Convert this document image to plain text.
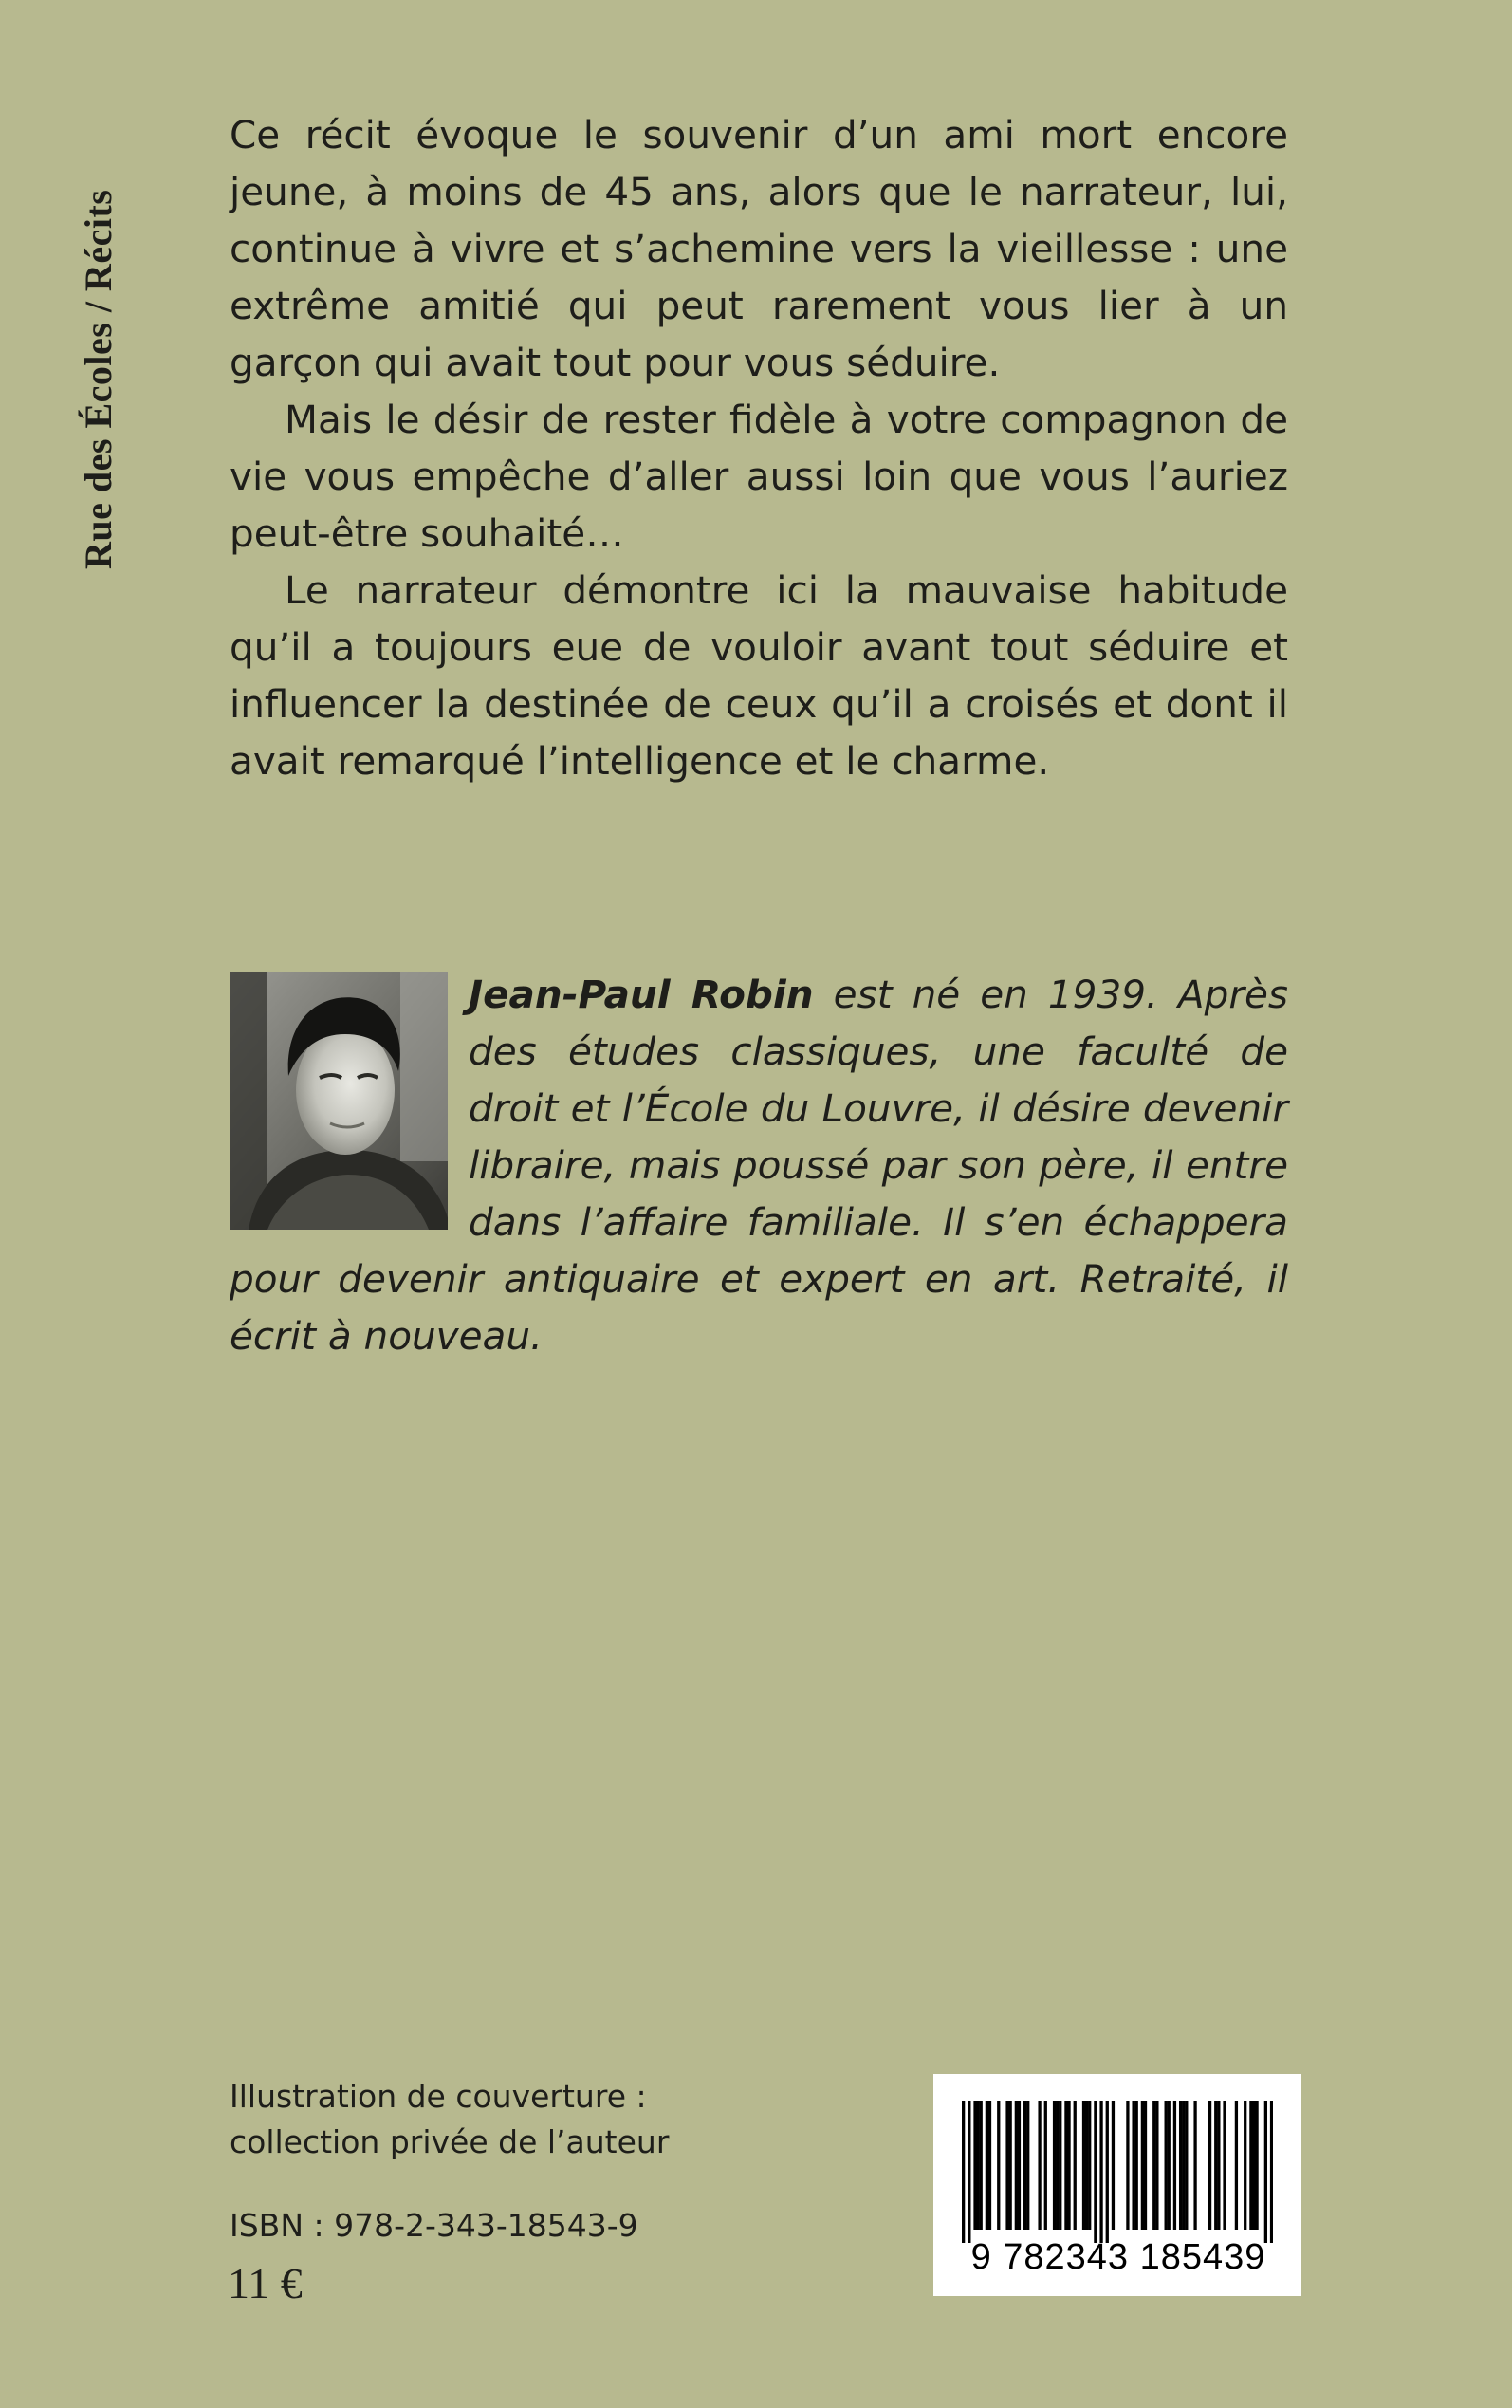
Rue des Écoles / Récits

Ce récit évoque le souvenir d’un ami mort encore jeune, à moins de 45 ans, alors que le narrateur, lui, continue à vivre et s’achemine vers la vieillesse : une extrême amitié qui peut rarement vous lier à un garçon qui avait tout pour vous séduire.

Mais le désir de rester fidèle à votre compagnon de vie vous empêche d’aller aussi loin que vous l’auriez peut-être souhaité…

Le narrateur démontre ici la mauvaise habitude qu’il a toujours eue de vouloir avant tout séduire et influencer la destinée de ceux qu’il a croisés et dont il avait remarqué l’intelligence et le charme.

Jean-Paul Robin est né en 1939. Après des études classiques, une faculté de droit et l’École du Louvre, il désire devenir libraire, mais poussé par son père, il entre dans l’affaire familiale. Il s’en échappera pour devenir antiquaire et expert en art. Retraité, il écrit à nouveau.
Illustration de couverture :
collection privée de l’auteur
ISBN : 978-2-343-18543-9
11 €
9 782343 185439
